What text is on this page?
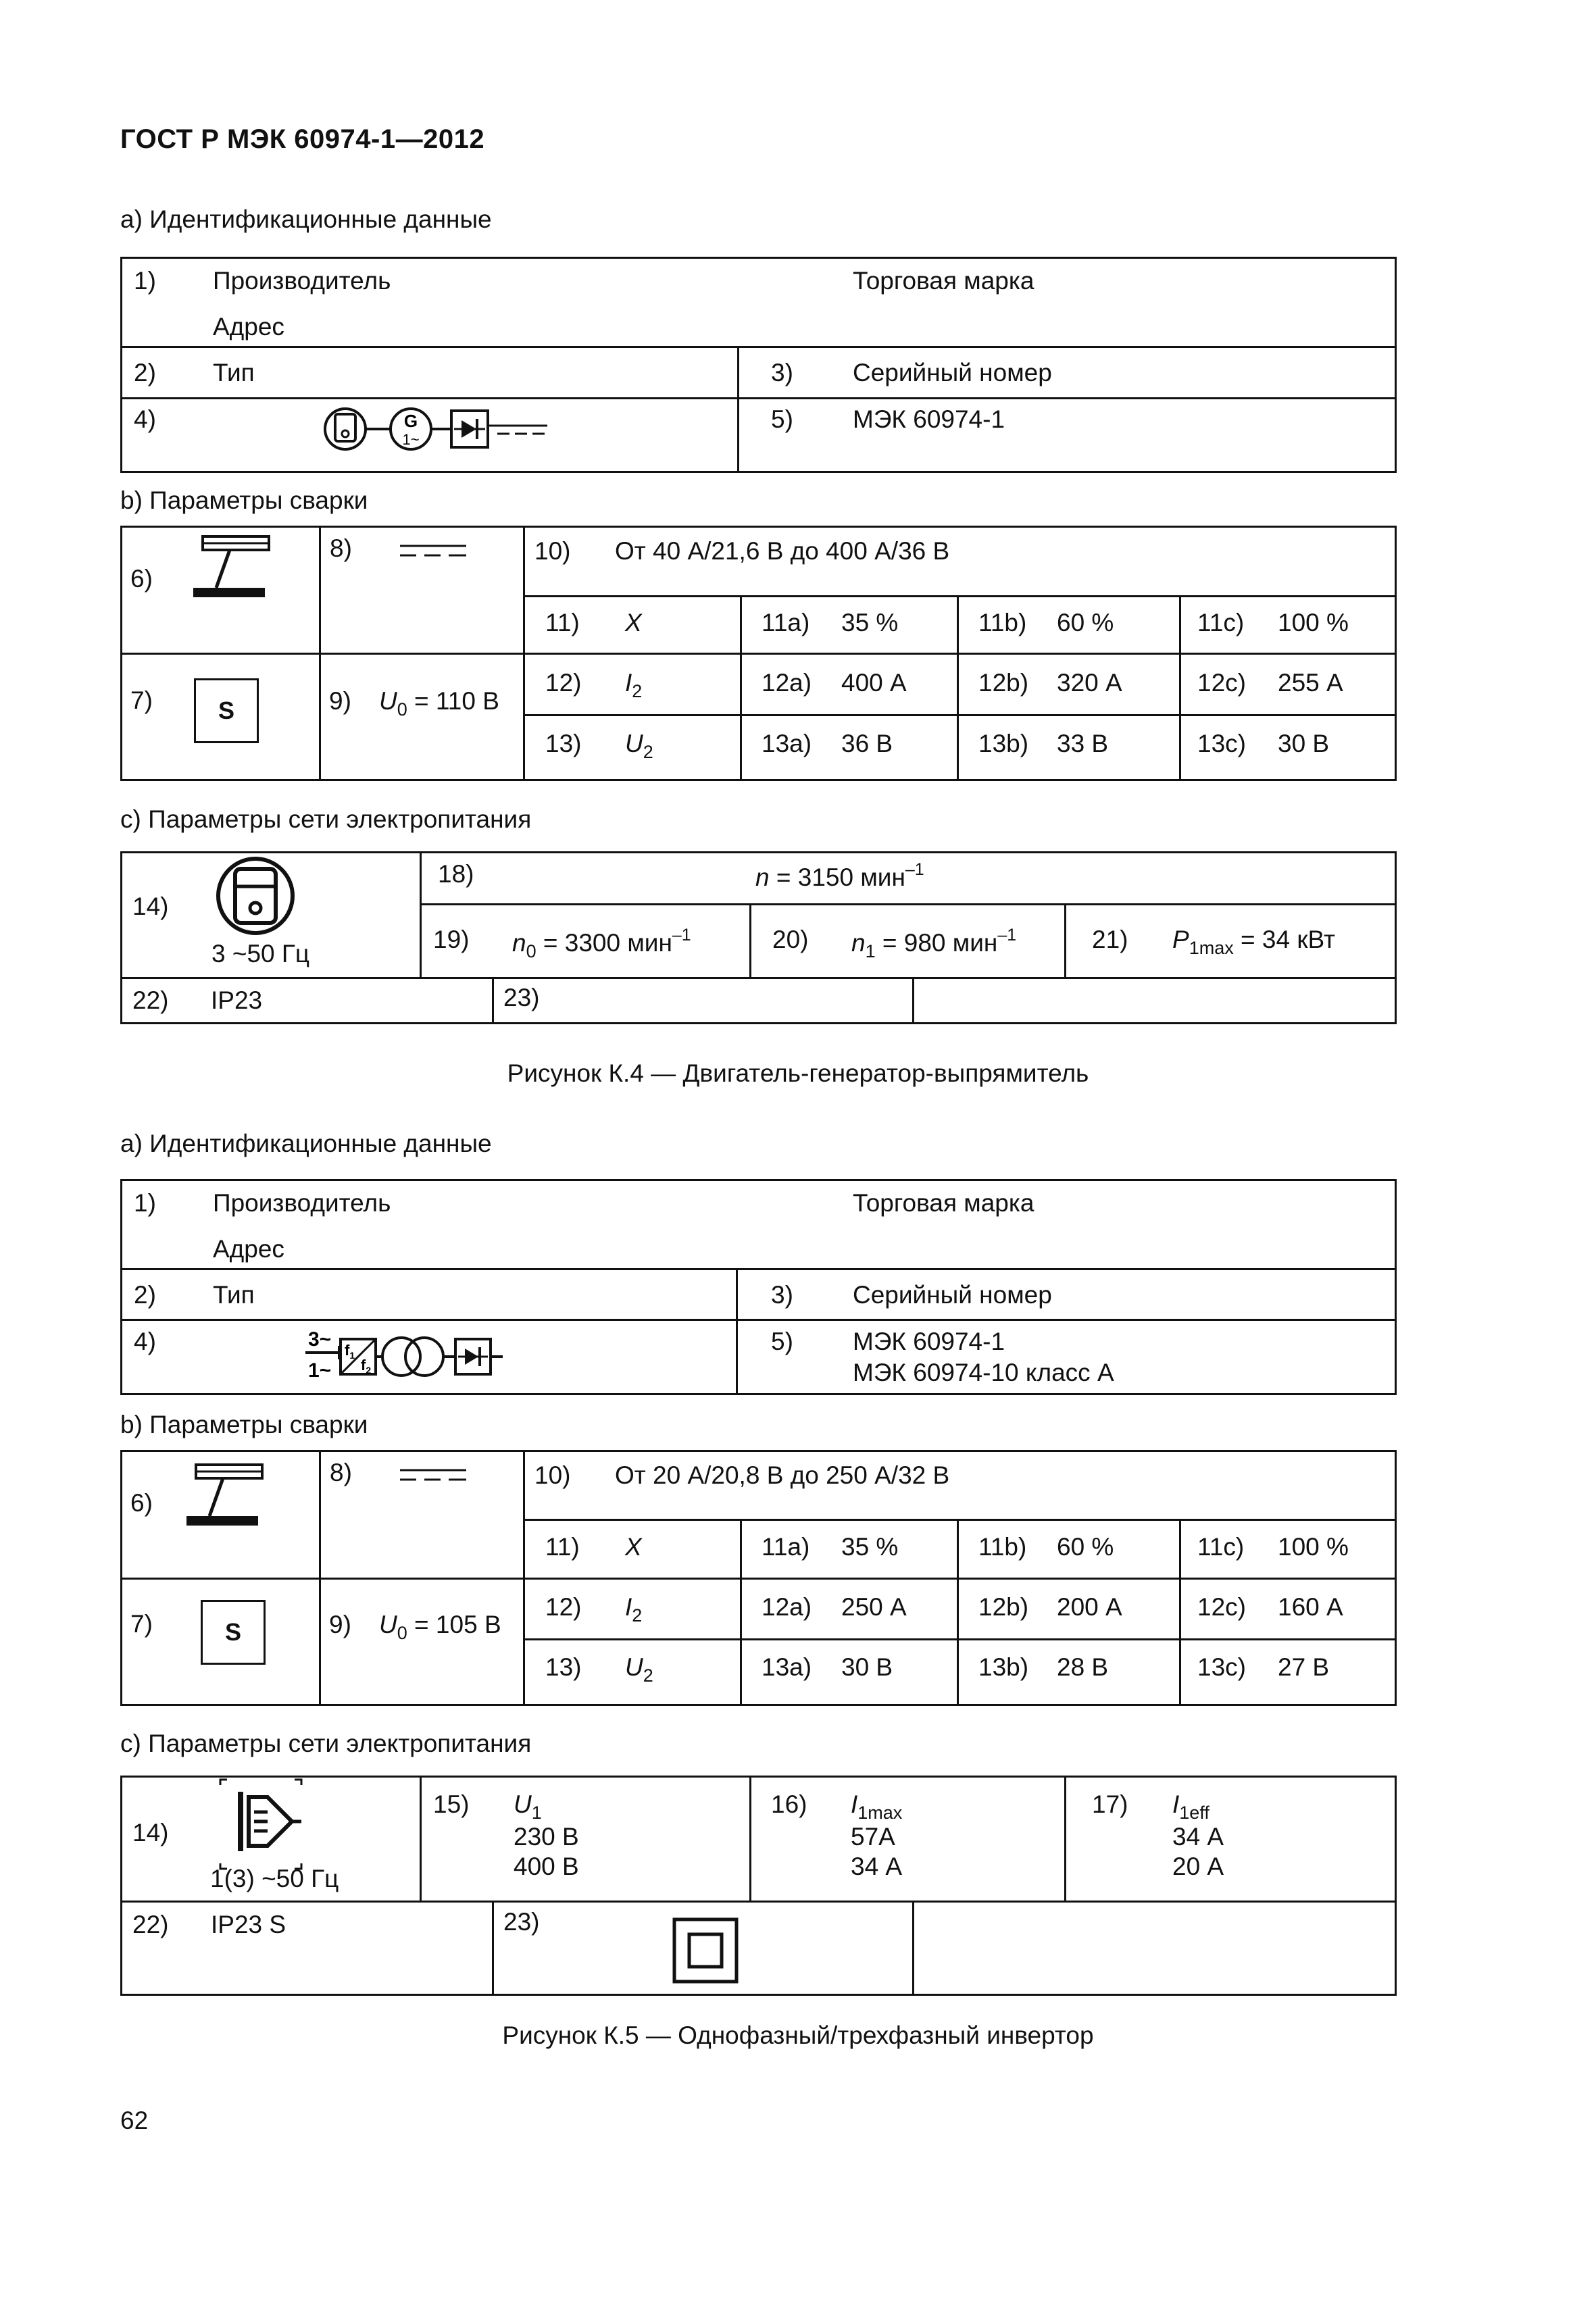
ГОСТ Р МЭК 60974-1—2012
a) Идентификационные данные
1) Производитель	Торговая марка
Адрес
2) Тип	3) Серийный номер
4)	5) МЭК 60974-1
G
1~
b) Параметры сварки
6)
8)	10) От 40 А/21,6 В до 400 А/36 В
11) X	11a) 35 %	11b) 60 %	11c) 100 %
7)	S	9) $U_0 = 110$ В
12) $I_2$	12a) 400 А	12b) 320 А	12c) 255 А
13) $U_2$	13a) 36 В	13b) 33 В	13c) 30 В
c) Параметры сети электропитания
14)
3 ~50 Гц
18)	n = 3150 мин$^{-1}$
19) $n_0 = 3300$ мин$^{-1}$	20) $n_1 = 980$ мин$^{-1}$	21) $P_{1max} = 34$ кВт
22) IP23	23)
Рисунок К.4 — Двигатель-генератор-выпрямитель
a) Идентификационные данные
1) Производитель	Торговая марка
Адрес
2) Тип	3) Серийный номер
4)	5) МЭК 60974-1
МЭК 60974-10 класс А
3~
1~
$f_1$
$f_2$
b) Параметры сварки
6)
8)	10) От 20 А/20,8 В до 250 А/32 В
11) X	11a) 35 %	11b) 60 %	11c) 100 %
7)	S	9) $U_0 = 105$ В
12) $I_2$	12a) 250 А	12b) 200 А	12c) 160 А
13) $U_2$	13a) 30 В	13b) 28 В	13c) 27 В
c) Параметры сети электропитания
14)
1(3) ~50 Гц
15) $U_1$
230 В
400 В
16) $I_{1max}$
57A
34 А
17) $I_{1eff}$
34 А
20 А
22) IP23 S	23)
Рисунок К.5 — Однофазный/трехфазный инвертор
62
